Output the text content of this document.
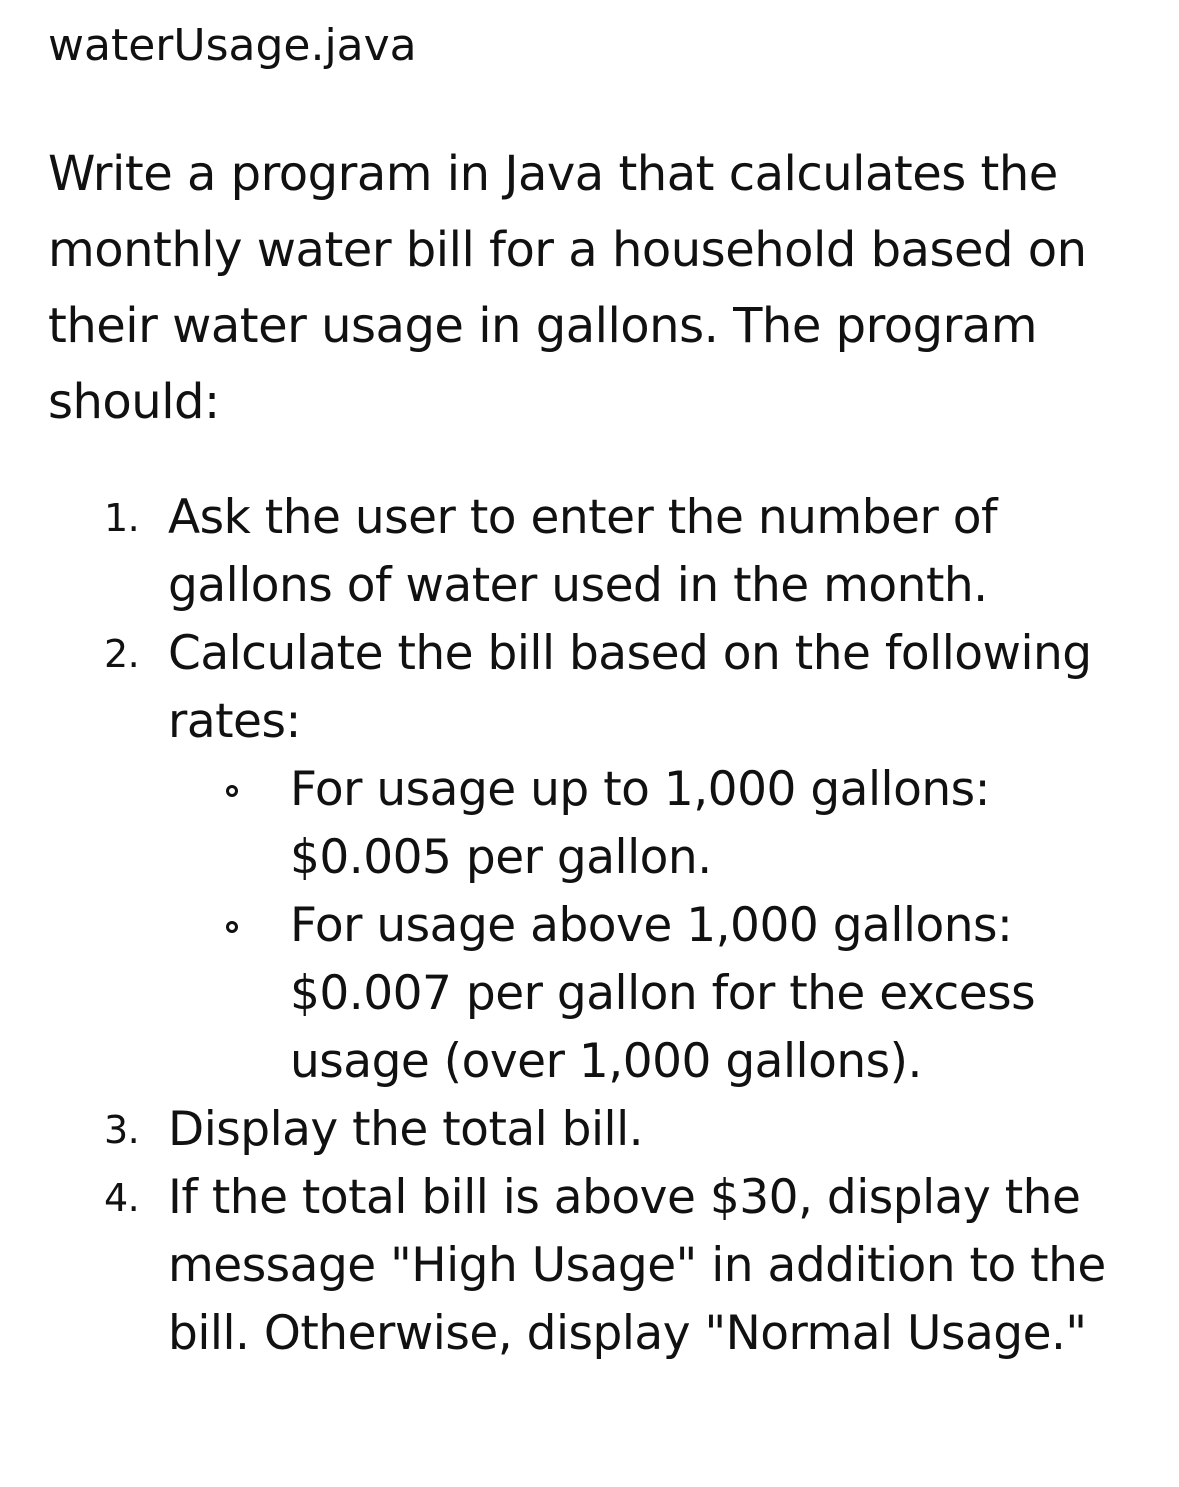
waterUsage.java

Write a program in Java that calculates the monthly water bill for a household based on their water usage in gallons. The program should:

1. Ask the user to enter the number of gallons of water used in the month.
2. Calculate the bill based on the following rates:
For usage up to 1,000 gallons: $0.005 per gallon.
For usage above 1,000 gallons: $0.007 per gallon for the excess usage (over 1,000 gallons).
3. Display the total bill.
4. If the total bill is above $30, display the message "High Usage" in addition to the bill. Otherwise, display "Normal Usage."
